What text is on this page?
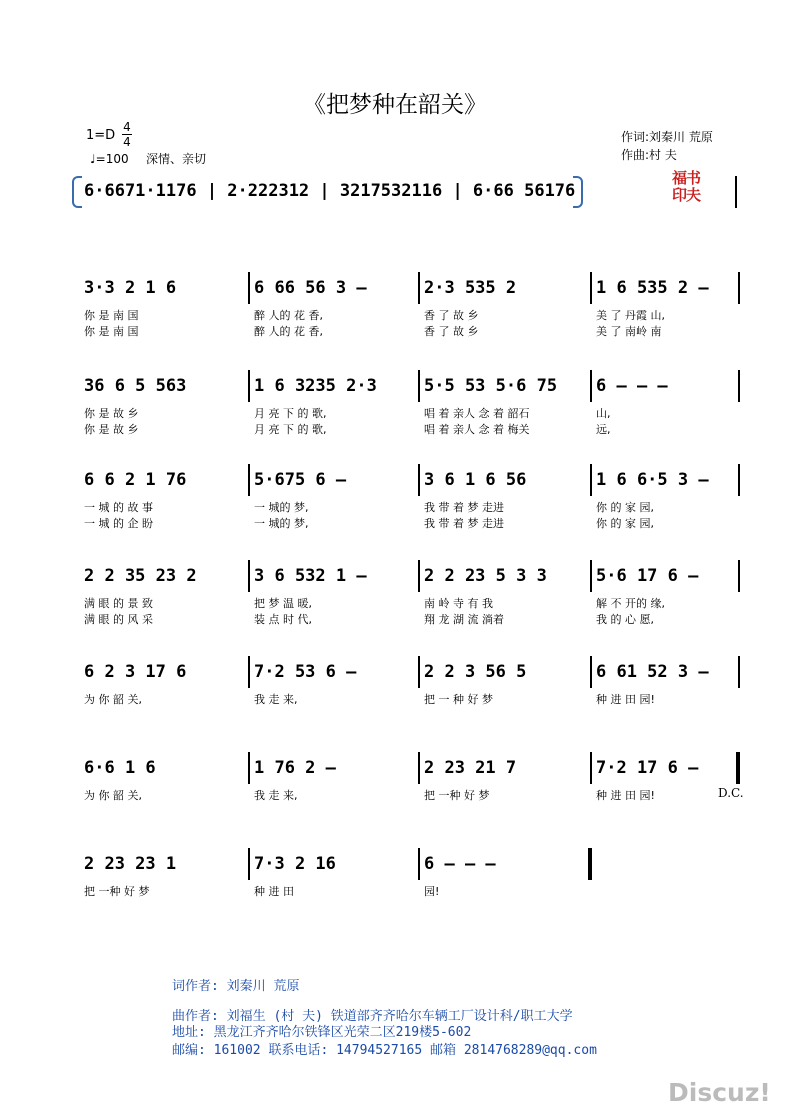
《把梦种在韶关》
1=D
4
4
♩=100 深情、亲切
作词:刘秦川 荒原
作曲:村 夫
福书
印夫
6·6671·1176 | 2·222312 | 3217532116 | 6·66 56176
3·3 2 1 6
你 是 南 国
你 是 南 国
6 66 56 3 –
醉 人的 花 香,
醉 人的 花 香,
2·3 535 2
香 了 故 乡
香 了 故 乡
1 6 535 2 –
美 了 丹霞 山,
美 了 南岭 南
36 6 5 563
你 是 故 乡
你 是 故 乡
1 6 3235 2·3
月 亮 下 的 歌,
月 亮 下 的 歌,
5·5 53 5·6 75
唱 着 亲人 念 着 韶石
唱 着 亲人 念 着 梅关
6 – – –
山,
远,
6 6 2 1 76
一 城 的 故 事
一 城 的 企 盼
5·675 6 –
一 城的 梦,
一 城的 梦,
3 6 1 6 56
我 带 着 梦 走进
我 带 着 梦 走进
1 6 6·5 3 –
你 的 家 园,
你 的 家 园,
2 2 35 23 2
满 眼 的 景 致
满 眼 的 风 采
3 6 532 1 –
把 梦 温 暖,
装 点 时 代,
2 2 23 5 3 3
南 岭 寺 有 我
翔 龙 湖 流 淌着
5·6 17 6 –
解 不 开的 缘,
我 的 心 愿,
6 2 3 17 6
为 你 韶 关,
7·2 53 6 –
我 走 来,
2 2 3 56 5
把 一 种 好 梦
6 61 52 3 –
种 进 田 园!
6·6 1 6
为 你 韶 关,
1 76 2 –
我 走 来,
2 23 21 7
把 一种 好 梦
7·2 17 6 –
种 进 田 园!
2 23 23 1
把 一种 好 梦
7·3 2 16
种 进 田
6 – – –
园!
D.C.
词作者: 刘秦川 荒原
曲作者: 刘福生 (村 夫) 铁道部齐齐哈尔车辆工厂设计科/职工大学
地址: 黑龙江齐齐哈尔铁锋区光荣二区219楼5-602
邮编: 161002 联系电话: 14794527165 邮箱 2814768289@qq.com
Discuz!
